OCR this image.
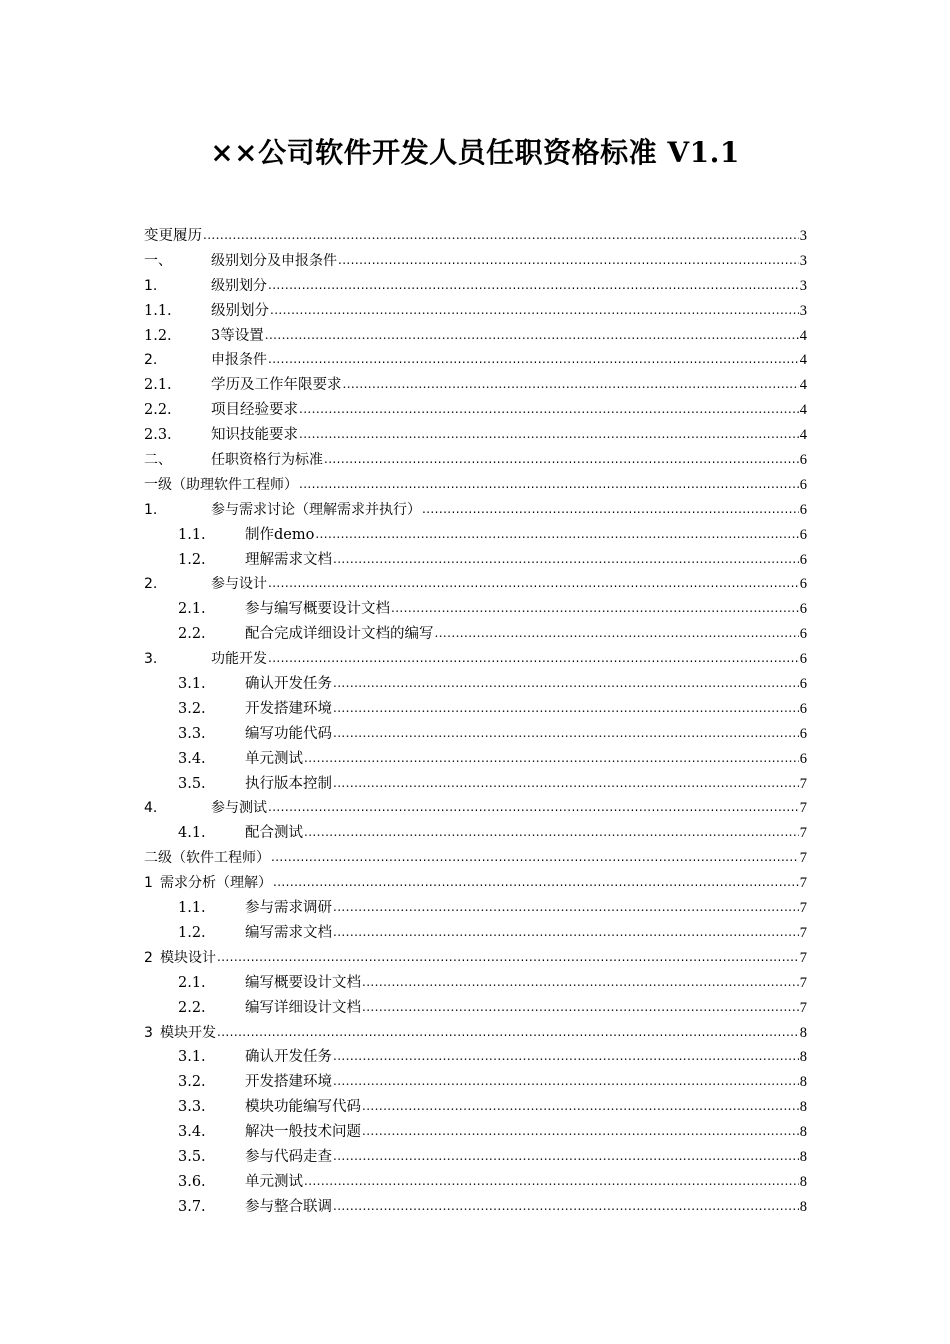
××公司软件开发人员任职资格标准 V1.1
变更履历 .....	3
一、	级别划分及申报条件 .....	3
1.	级别划分 .....	3
1.1.	级别划分 .....	3
1.2.	3等设置 .....	4
2.	申报条件 .....	4
2.1.	学历及工作年限要求 .....	4
2.2.	项目经验要求 .....	4
2.3.	知识技能要求 .....	4
二、	任职资格行为标准 .....	6
一级（助理软件工程师） .....	6
1.	参与需求讨论（理解需求并执行） .....	6
1.1.	制作demo .....	6
1.2.	理解需求文档 .....	6
2.	参与设计 .....	6
2.1.	参与编写概要设计文档 .....	6
2.2.	配合完成详细设计文档的编写 .....	6
3.	功能开发 .....	6
3.1.	确认开发任务 .....	6
3.2.	开发搭建环境 .....	6
3.3.	编写功能代码 .....	6
3.4.	单元测试 .....	6
3.5.	执行版本控制 .....	7
4.	参与测试 .....	7
4.1.	配合测试 .....	7
二级（软件工程师） .....	7
1 需求分析（理解） .....	7
1.1.	参与需求调研 .....	7
1.2.	编写需求文档 .....	7
2 模块设计 .....	7
2.1.	编写概要设计文档 .....	7
2.2.	编写详细设计文档 .....	7
3 模块开发 .....	8
3.1.	确认开发任务 .....	8
3.2.	开发搭建环境 .....	8
3.3.	模块功能编写代码 .....	8
3.4.	解决一般技术问题 .....	8
3.5.	参与代码走查 .....	8
3.6.	单元测试 .....	8
3.7.	参与整合联调 .....	8
